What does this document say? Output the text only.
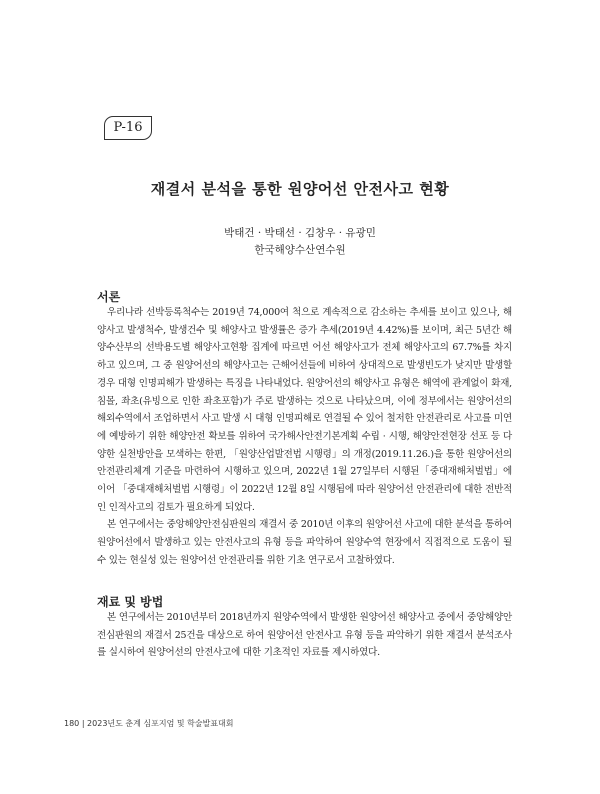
P-16
재결서 분석을 통한 원양어선 안전사고 현황
박태건 · 박태선 · 김창우 · 유광민
한국해양수산연수원
서론

우리나라 선박등록척수는 2019년 74,000여 척으로 계속적으로 감소하는 추세를 보이고 있으나, 해양사고 발생척수, 발생건수 및 해양사고 발생률은 증가 추세(2019년 4.42%)를 보이며, 최근 5년간 해양수산부의 선박용도별 해양사고현황 집계에 따르면 어선 해양사고가 전체 해양사고의 67.7%를 차지하고 있으며, 그 중 원양어선의 해양사고는 근해어선들에 비하여 상대적으로 발생빈도가 낮지만 발생할 경우 대형 인명피해가 발생하는 특징을 나타내었다. 원양어선의 해양사고 유형은 해역에 관계없이 화재, 침몰, 좌초(유빙으로 인한 좌초포함)가 주로 발생하는 것으로 나타났으며, 이에 정부에서는 원양어선의 해외수역에서 조업하면서 사고 발생 시 대형 인명피해로 연결될 수 있어 철저한 안전관리로 사고를 미연에 예방하기 위한 해양안전 확보를 위하여 국가해사안전기본계획 수립 · 시행, 해양안전현장 선포 등 다양한 실천방안을 모색하는 한편, 「원양산업발전법 시행령」의 개정(2019.11.26.)을 통한 원양어선의 안전관리체계 기준을 마련하여 시행하고 있으며, 2022년 1월 27일부터 시행된「중대재해처벌법」에 이어 「중대재해처벌법 시행령」이 2022년 12월 8일 시행됨에 따라 원양어선 안전관리에 대한 전반적인 인적사고의 검토가 필요하게 되었다.

본 연구에서는 중앙해양안전심판원의 재결서 중 2010년 이후의 원양어선 사고에 대한 분석을 통하여 원양어선에서 발생하고 있는 안전사고의 유형 등을 파악하여 원양수역 현장에서 직접적으로 도움이 될 수 있는 현실성 있는 원양어선 안전관리를 위한 기초 연구로서 고찰하였다.

재료 및 방법

본 연구에서는 2010년부터 2018년까지 원양수역에서 발생한 원양어선 해양사고 중에서 중앙해양안전심판원의 재결서 25건을 대상으로 하여 원양어선 안전사고 유형 등을 파악하기 위한 재결서 분석조사를 실시하여 원양어선의 안전사고에 대한 기초적인 자료를 제시하였다.

180 | 2023년도 춘계 심포지엄 및 학술발표대회
